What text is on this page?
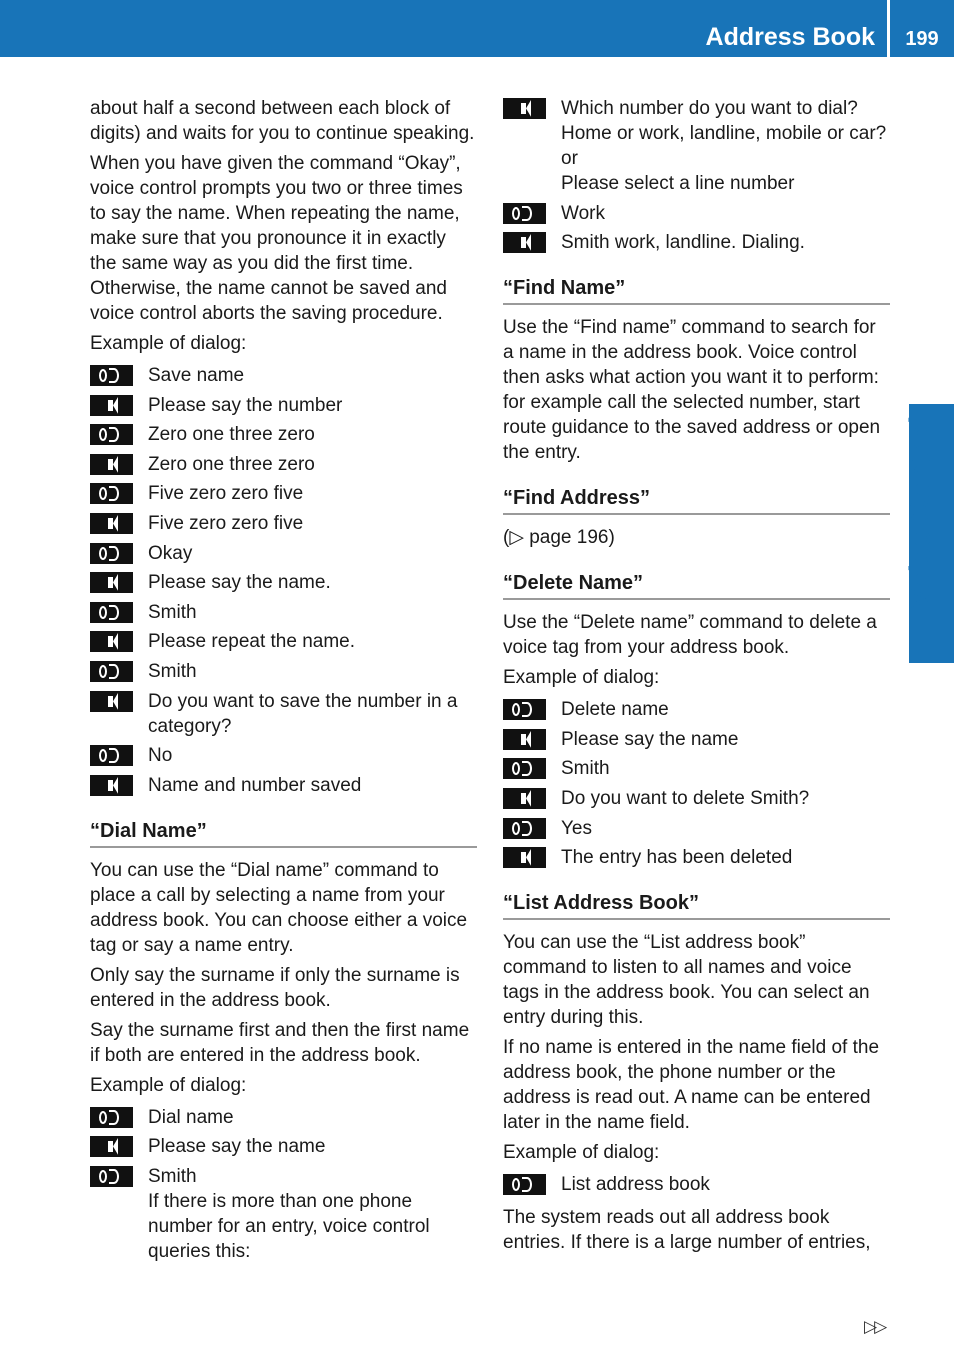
Address Book	199
Voice Control

about half a second between each block of digits) and waits for you to continue speaking.

When you have given the command “Okay”, voice control prompts you two or three times to say the name. When repeating the name, make sure that you pronounce it in exactly the same way as you did the first time. Otherwise, the name cannot be saved and voice control aborts the saving procedure.

Example of dialog:

Save name
Please say the number
Zero one three zero
Zero one three zero
Five zero zero five
Five zero zero five
Okay
Please say the name.
Smith
Please repeat the name.
Smith
Do you want to save the number in a category?
No
Name and number saved
“Dial Name”

You can use the “Dial name” command to place a call by selecting a name from your address book. You can choose either a voice tag or say a name entry.

Only say the surname if only the surname is entered in the address book.

Say the surname first and then the first name if both are entered in the address book.

Example of dialog:

Dial name
Please say the name
Smith
If there is more than one phone number for an entry, voice control queries this:
Which number do you want to dial? Home or work, landline, mobile or car?
or
Please select a line number
Work
Smith work, landline. Dialing.
“Find Name”

Use the “Find name” command to search for a name in the address book. Voice control then asks what action you want it to perform: for example call the selected number, start route guidance to the saved address or open the entry.

“Find Address”

(▷ page 196)

“Delete Name”

Use the “Delete name” command to delete a voice tag from your address book.

Example of dialog:

Delete name
Please say the name
Smith
Do you want to delete Smith?
Yes
The entry has been deleted
“List Address Book”

You can use the “List address book” command to listen to all names and voice tags in the address book. You can select an entry during this.

If no name is entered in the name field of the address book, the phone number or the address is read out. A name can be entered later in the name field.

Example of dialog:

List address book

The system reads out all address book entries. If there is a large number of entries,

▷▷
